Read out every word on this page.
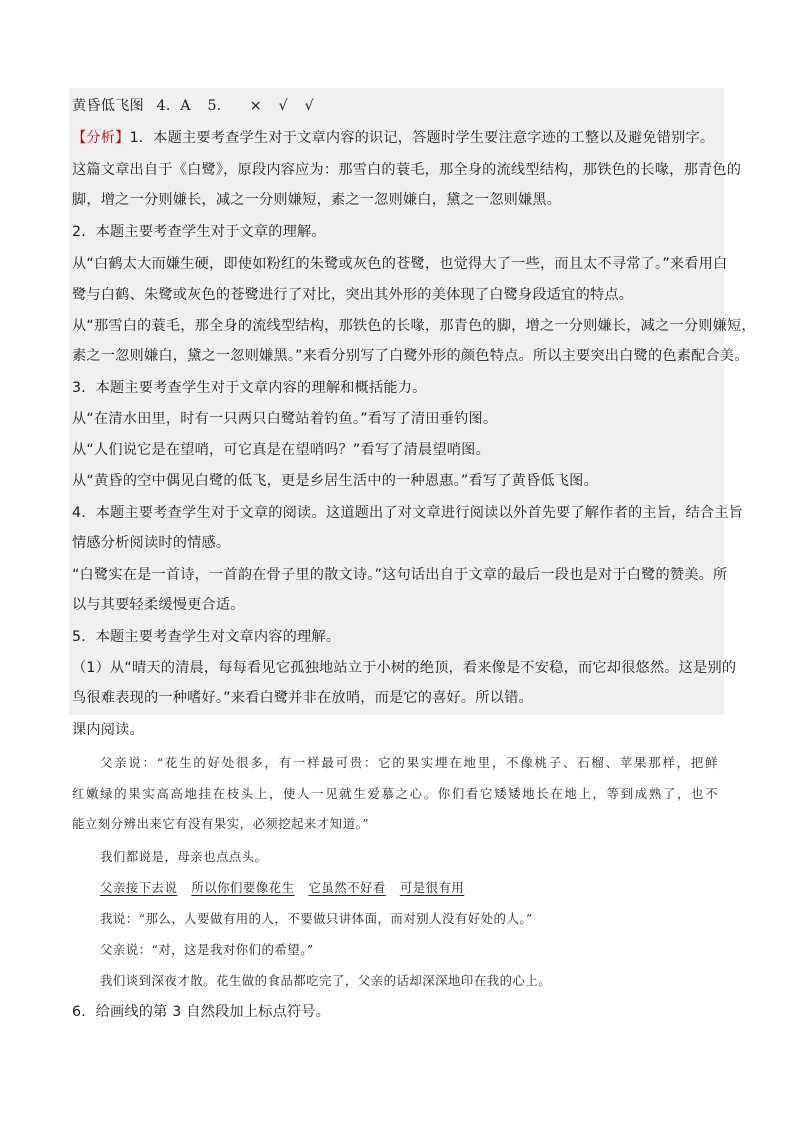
黄昏低飞图 4．A 5． × √ √
【分析】1．本题主要考查学生对于文章内容的识记，答题时学生要注意字迹的工整以及避免错别字。
这篇文章出自于《白鹭》，原段内容应为：那雪白的蓑毛，那全身的流线型结构，那铁色的长喙，那青色的
脚，增之一分则嫌长，减之一分则嫌短，素之一忽则嫌白，黛之一忽则嫌黑。
2．本题主要考查学生对于文章的理解。
从“白鹤太大而嫌生硬，即使如粉红的朱鹭或灰色的苍鹭，也觉得大了一些，而且太不寻常了。”来看用白
鹭与白鹤、朱鹭或灰色的苍鹭进行了对比，突出其外形的美体现了白鹭身段适宜的特点。
从“那雪白的蓑毛，那全身的流线型结构，那铁色的长喙，那青色的脚，增之一分则嫌长，减之一分则嫌短，
素之一忽则嫌白，黛之一忽则嫌黑。”来看分别写了白鹭外形的颜色特点。所以主要突出白鹭的色素配合美。
3．本题主要考查学生对于文章内容的理解和概括能力。
从“在清水田里，时有一只两只白鹭站着钓鱼。”看写了清田垂钓图。
从“人们说它是在望哨，可它真是在望哨吗？”看写了清晨望哨图。
从“黄昏的空中偶见白鹭的低飞，更是乡居生活中的一种恩惠。”看写了黄昏低飞图。
4．本题主要考查学生对于文章的阅读。这道题出了对文章进行阅读以外首先要了解作者的主旨，结合主旨
情感分析阅读时的情感。
“白鹭实在是一首诗，一首韵在骨子里的散文诗。”这句话出自于文章的最后一段也是对于白鹭的赞美。所
以与其要轻柔缓慢更合适。
5．本题主要考查学生对文章内容的理解。
（1）从“晴天的清晨，每每看见它孤独地站立于小树的绝顶，看来像是不安稳，而它却很悠然。这是别的
鸟很难表现的一种嗜好。”来看白鹭并非在放哨，而是它的喜好。所以错。
课内阅读。
父亲说：“花生的好处很多，有一样最可贵：它的果实埋在地里，不像桃子、石榴、苹果那样，把鲜
红嫩绿的果实高高地挂在枝头上，使人一见就生爱慕之心。你们看它矮矮地长在地上，等到成熟了，也不
能立刻分辨出来它有没有果实，必须挖起来才知道。”
我们都说是，母亲也点点头。
父亲接下去说 所以你们要像花生 它虽然不好看 可是很有用
我说：“那么，人要做有用的人，不要做只讲体面，而对别人没有好处的人。”
父亲说：“对，这是我对你们的希望。”
我们谈到深夜才散。花生做的食品都吃完了，父亲的话却深深地印在我的心上。
6．给画线的第 3 自然段加上标点符号。
